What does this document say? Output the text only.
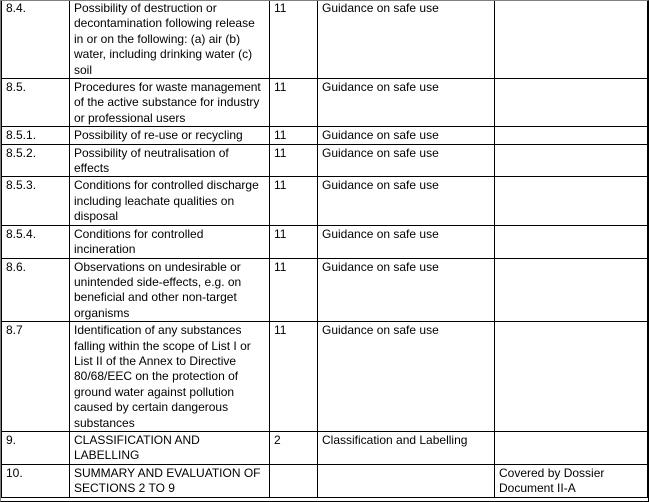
8.4.	Possibility of destruction or decontamination following release in or on the following: (a) air (b) water, including drinking water (c) soil	11	Guidance on safe use	
8.5.	Procedures for waste management of the active substance for industry or professional users	11	Guidance on safe use	
8.5.1.	Possibility of re-use or recycling	11	Guidance on safe use	
8.5.2.	Possibility of neutralisation of effects	11	Guidance on safe use	
8.5.3.	Conditions for controlled discharge including leachate qualities on disposal	11	Guidance on safe use	
8.5.4.	Conditions for controlled incineration	11	Guidance on safe use	
8.6.	Observations on undesirable or unintended side-effects, e.g. on beneficial and other non-target organisms	11	Guidance on safe use	
8.7	Identification of any substances falling within the scope of List I or List II of the Annex to Directive 80/68/EEC on the protection of ground water against pollution caused by certain dangerous substances	11	Guidance on safe use	
9.	CLASSIFICATION AND LABELLING	2	Classification and Labelling	
10.	SUMMARY AND EVALUATION OF SECTIONS 2 TO 9			Covered by Dossier Document II-A
